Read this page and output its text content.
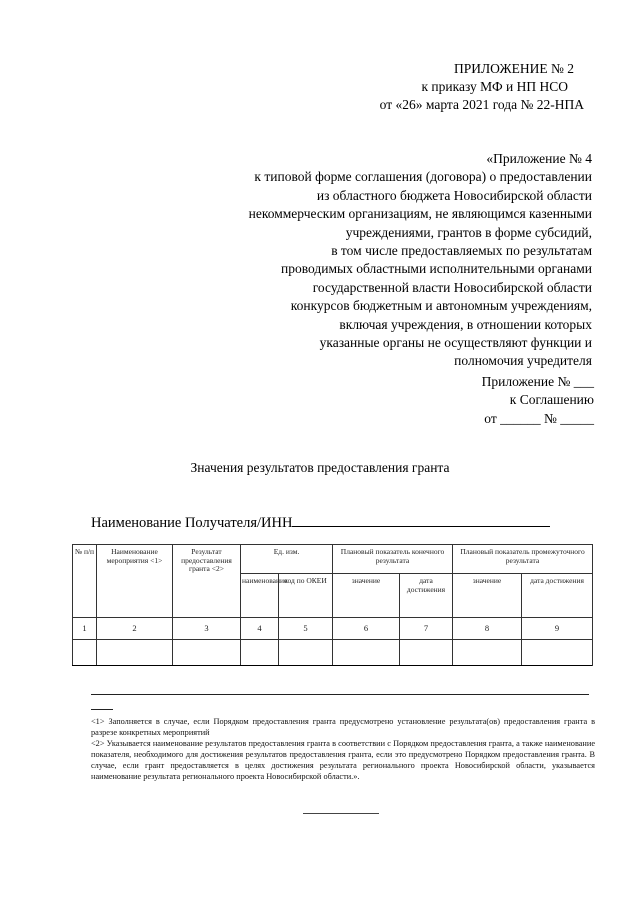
ПРИЛОЖЕНИЕ № 2
к приказу МФ и НП НСО
от «26» марта 2021 года № 22-НПА
«Приложение № 4
к типовой форме соглашения (договора) о предоставлении
из областного бюджета Новосибирской области
некоммерческим организациям, не являющимся казенными
учреждениями, грантов в форме субсидий,
в том числе предоставляемых по результатам
проводимых областными исполнительными органами
государственной власти Новосибирской области
конкурсов бюджетным и автономным учреждениям,
включая учреждения, в отношении которых
указанные органы не осуществляют функции и
полномочия учредителя
Приложение № ___
к Соглашению
от ______ № _____
Значения результатов предоставления гранта
Наименование Получателя/ИНН
№ п/п	Наименование мероприятия <1>	Результат предоставления гранта <2>	Ед. изм.		Плановый показатель конечного результата		Плановый показатель промежуточного результата	
			наименование	код по ОКЕИ	значение	дата достижения	значение	дата достижения
1	2	3	4	5	6	7	8	9

<1> Заполняется в случае, если Порядком предоставления гранта предусмотрено установление результата(ов) предоставления гранта в разрезе конкретных мероприятий

<2> Указывается наименование результатов предоставления гранта в соответствии с Порядком предоставления гранта, а также наименование показателя, необходимого для достижения результатов предоставления гранта, если это предусмотрено Порядком предоставления гранта. В случае, если грант предоставляется в целях достижения результата регионального проекта Новосибирской области, указывается наименование результата регионального проекта Новосибирской области.».
